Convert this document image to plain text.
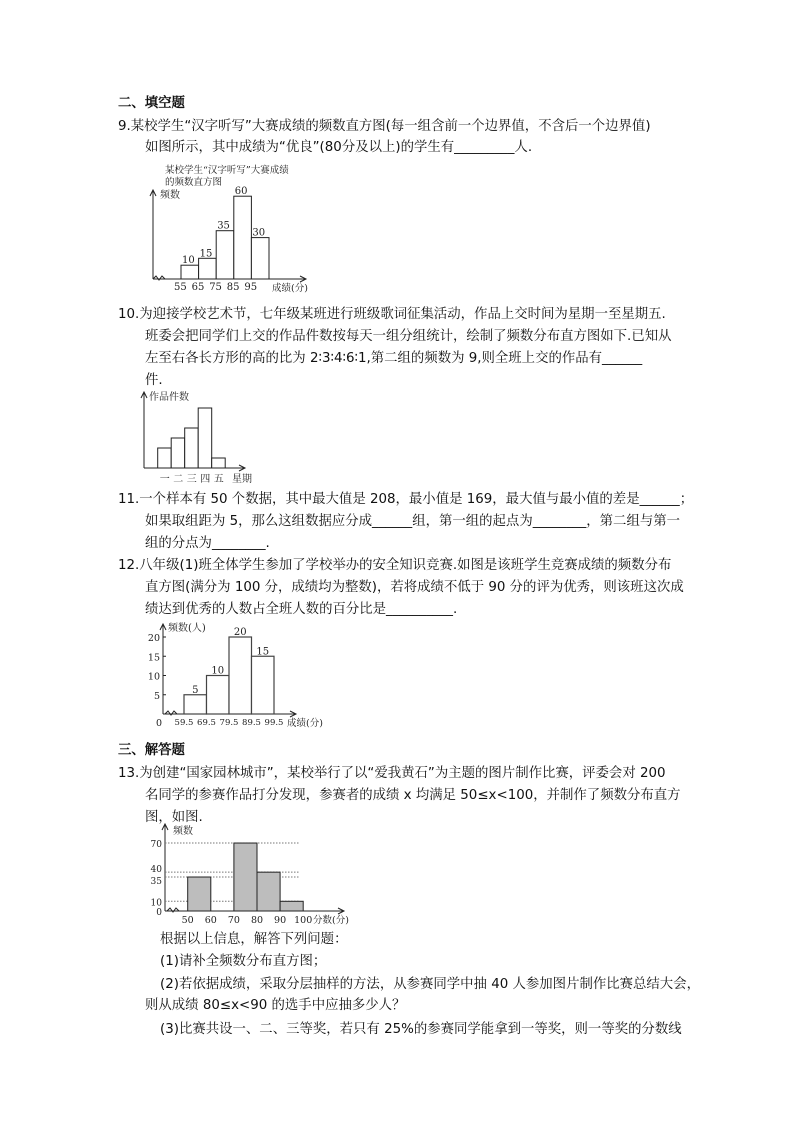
二、填空题
9.某校学生“汉字听写”大赛成绩的频数直方图(每一组含前一个边界值，不含后一个边界值)
如图所示，其中成绩为“优良”(80分及以上)的学生有_________人.
10.为迎接学校艺术节，七年级某班进行班级歌词征集活动，作品上交时间为星期一至星期五.
班委会把同学们上交的作品件数按每天一组分组统计，绘制了频数分布直方图如下.已知从
左至右各长方形的高的比为 2∶3∶4∶6∶1,第二组的频数为 9,则全班上交的作品有______
件.
11.一个样本有 50 个数据，其中最大值是 208，最小值是 169，最大值与最小值的差是______；
如果取组距为 5，那么这组数据应分成______组，第一组的起点为________，第二组与第一
组的分点为________.
12.八年级(1)班全体学生参加了学校举办的安全知识竞赛.如图是该班学生竞赛成绩的频数分布
直方图(满分为 100 分，成绩均为整数)，若将成绩不低于 90 分的评为优秀，则该班这次成
绩达到优秀的人数占全班人数的百分比是__________.
三、解答题
13.为创建“国家园林城市”，某校举行了以“爱我黄石”为主题的图片制作比赛，评委会对 200
名同学的参赛作品打分发现，参赛者的成绩 x 均满足 50≤x<100，并制作了频数分布直方
图，如图.
根据以上信息，解答下列问题：
(1)请补全频数分布直方图；
(2)若依据成绩，采取分层抽样的方法，从参赛同学中抽 40 人参加图片制作比赛总结大会，
则从成绩 80≤x<90 的选手中应抽多少人？
(3)比赛共设一、二、三等奖，若只有 25%的参赛同学能拿到一等奖，则一等奖的分数线
某校学生“汉字听写”大赛成绩
的频数直方图
频数
10
15
35
60
30
55 65 75 85 95 成绩(分)
作品件数
一 二 三 四 五 星期
频数(人)
0
5
10
15
20
5
10
20
15
59.5 69.5 79.5 89.5 99.5 成绩(分)
频数
0
10
35
40
70
50 60 70 80 90 100 分数(分)
